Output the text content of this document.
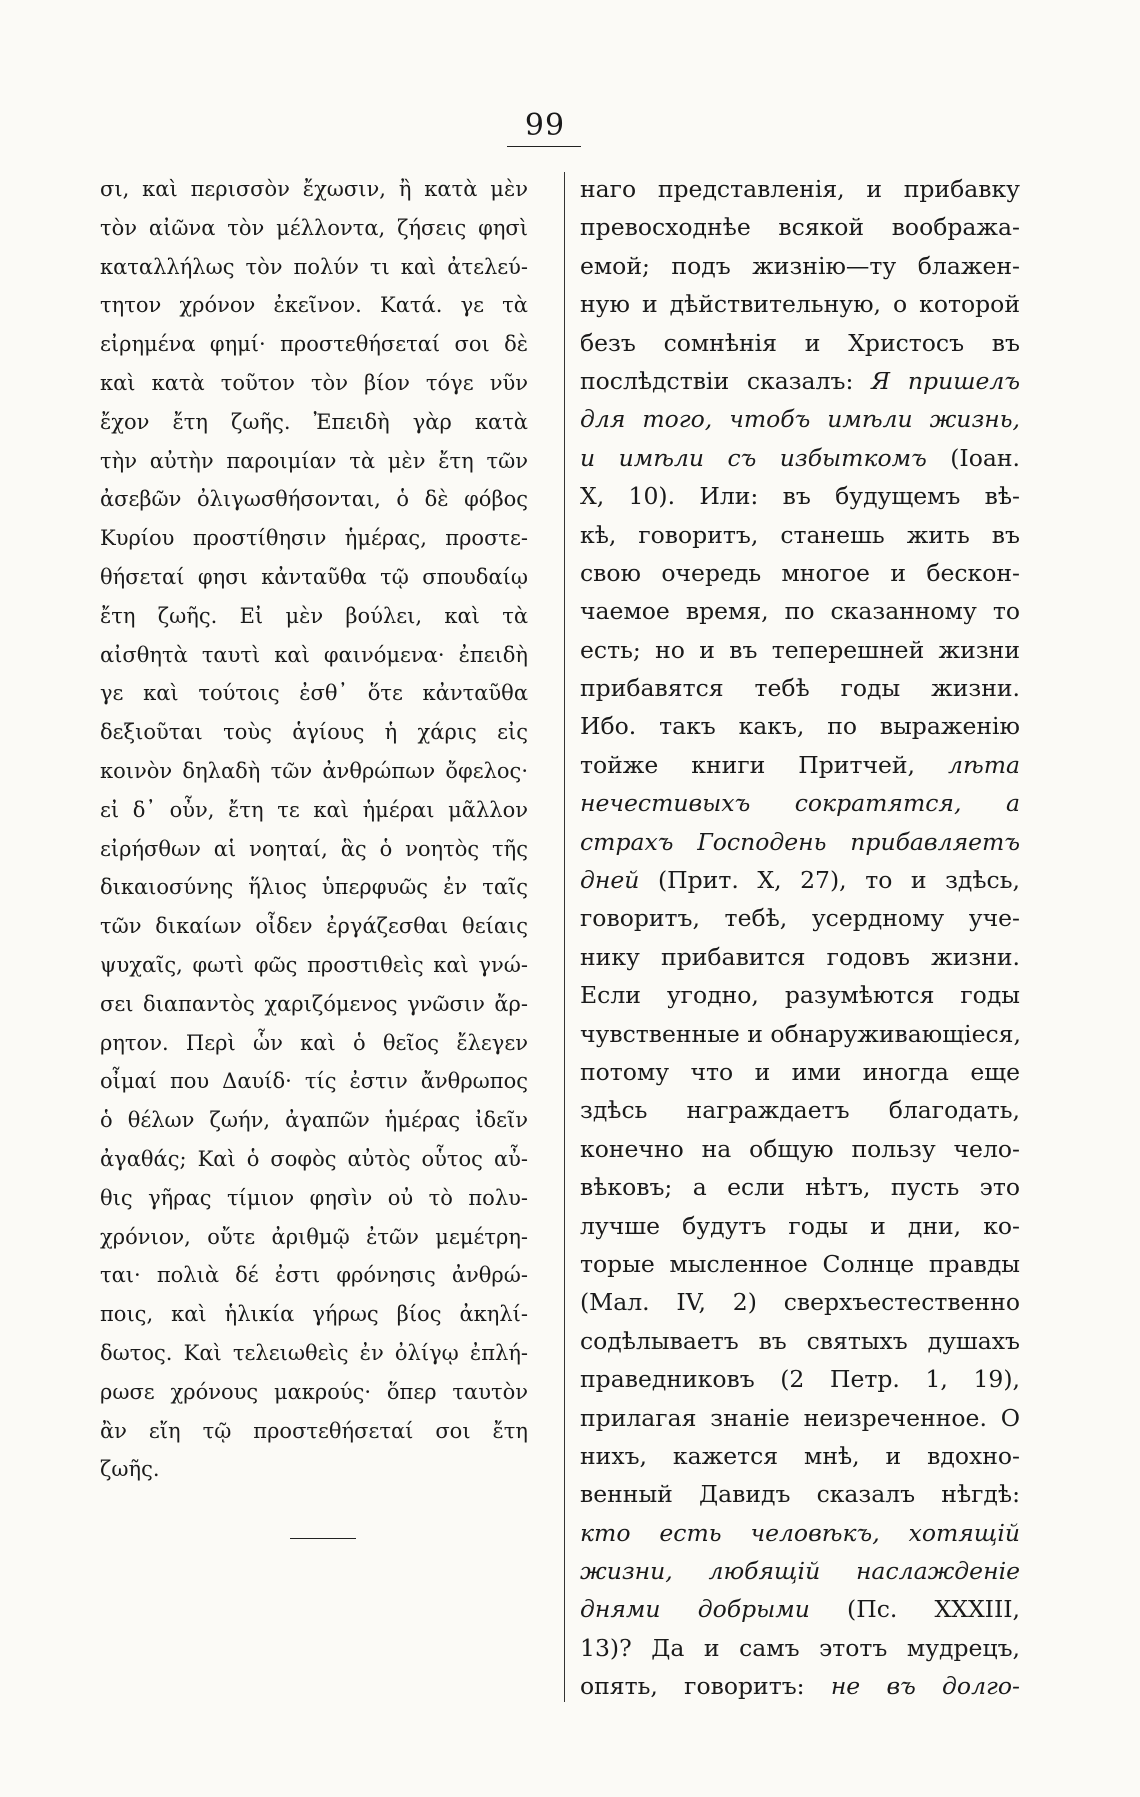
99
σι, καὶ περισσὸν ἔχωσιν, ἢ κατὰ μὲν
τὸν αἰῶνα τὸν μέλλοντα, ζήσεις φησὶ
καταλλήλως τὸν πολύν τι καὶ ἀτελεύ-
τητον χρόνον ἐκεῖνον. Κατά. γε τὰ
εἰρημένα φημί· προστεθήσεταί σοι δὲ
καὶ κατὰ τοῦτον τὸν βίον τόγε νῦν
ἔχον ἔτη ζωῆς. Ἐπειδὴ γὰρ κατὰ
τὴν αὐτὴν παροιμίαν τὰ μὲν ἔτη τῶν
ἀσεβῶν ὀλιγωσθήσονται, ὁ δὲ φόβος
Κυρίου προστίθησιν ἡμέρας, προστε-
θήσεταί φησι κἀνταῦθα τῷ σπουδαίῳ
ἔτη ζωῆς. Εἰ μὲν βούλει, καὶ τὰ
αἰσθητὰ ταυτὶ καὶ φαινόμενα· ἐπειδὴ
γε καὶ τούτοις ἐσθ᾽ ὅτε κἀνταῦθα
δεξιοῦται τοὺς ἁγίους ἡ χάρις εἰς
κοινὸν δηλαδὴ τῶν ἀνθρώπων ὄφελος·
εἰ δ᾽ οὖν, ἔτη τε καὶ ἡμέραι μᾶλλον
εἰρήσθων αἱ νοηταί, ἃς ὁ νοητὸς τῆς
δικαιοσύνης ἥλιος ὑπερφυῶς ἐν ταῖς
τῶν δικαίων οἶδεν ἐργάζεσθαι θείαις
ψυχαῖς, φωτὶ φῶς προστιθεὶς καὶ γνώ-
σει διαπαντὸς χαριζόμενος γνῶσιν ἄρ-
ρητον. Περὶ ὧν καὶ ὁ θεῖος ἔλεγεν
οἶμαί που Δαυίδ· τίς ἐστιν ἄνθρωπος
ὁ θέλων ζωήν, ἀγαπῶν ἡμέρας ἰδεῖν
ἀγαθάς; Καὶ ὁ σοφὸς αὐτὸς οὗτος αὖ-
θις γῆρας τίμιον φησὶν οὐ τὸ πολυ-
χρόνιον, οὔτε ἀριθμῷ ἐτῶν μεμέτρη-
ται· πολιὰ δέ ἐστι φρόνησις ἀνθρώ-
ποις, καὶ ἡλικία γήρως βίος ἀκηλί-
δωτος. Καὶ τελειωθεὶς ἐν ὀλίγῳ ἐπλή-
ρωσε χρόνους μακρούς· ὅπερ ταυτὸν
ἂν εἴη τῷ προστεθήσεταί σοι ἔτη
ζωῆς.
наго представленія, и прибавку
превосходнѣе всякой вообража-
емой; подъ жизнію—ту блажен-
ную и дѣйствительную, о которой
безъ сомнѣнія и Христосъ въ
послѣдствіи сказалъ: Я пришелъ
для того, чтобъ имѣли жизнь,
и имѣли съ избыткомъ (Іоан.
X, 10). Или: въ будущемъ вѣ-
кѣ, говоритъ, станешь жить въ
свою очередь многое и бескон-
чаемое время, по сказанному то
есть; но и въ теперешней жизни
прибавятся тебѣ годы жизни.
Ибо. такъ какъ, по выраженію
тойже книги Притчей, лѣта
нечестивыхъ сократятся, а
страхъ Господень прибавляетъ
дней (Прит. X, 27), то и здѣсь,
говоритъ, тебѣ, усердному уче-
нику прибавится годовъ жизни.
Если угодно, разумѣются годы
чувственные и обнаруживающіеся,
потому что и ими иногда еще
здѣсь награждаетъ благодать,
конечно на общую пользу чело-
вѣковъ; а если нѣтъ, пусть это
лучше будутъ годы и дни, ко-
торые мысленное Солнце правды
(Мал. IV, 2) сверхъестественно
содѣлываетъ въ святыхъ душахъ
праведниковъ (2 Петр. 1, 19),
прилагая знаніе неизреченное. О
нихъ, кажется мнѣ, и вдохно-
венный Давидъ сказалъ нѣгдѣ:
кто есть человѣкъ, хотящій
жизни, любящій наслажденіе
днями добрыми (Пс. XXXIII,
13)? Да и самъ этотъ мудрецъ,
опять, говоритъ: не въ долго-
